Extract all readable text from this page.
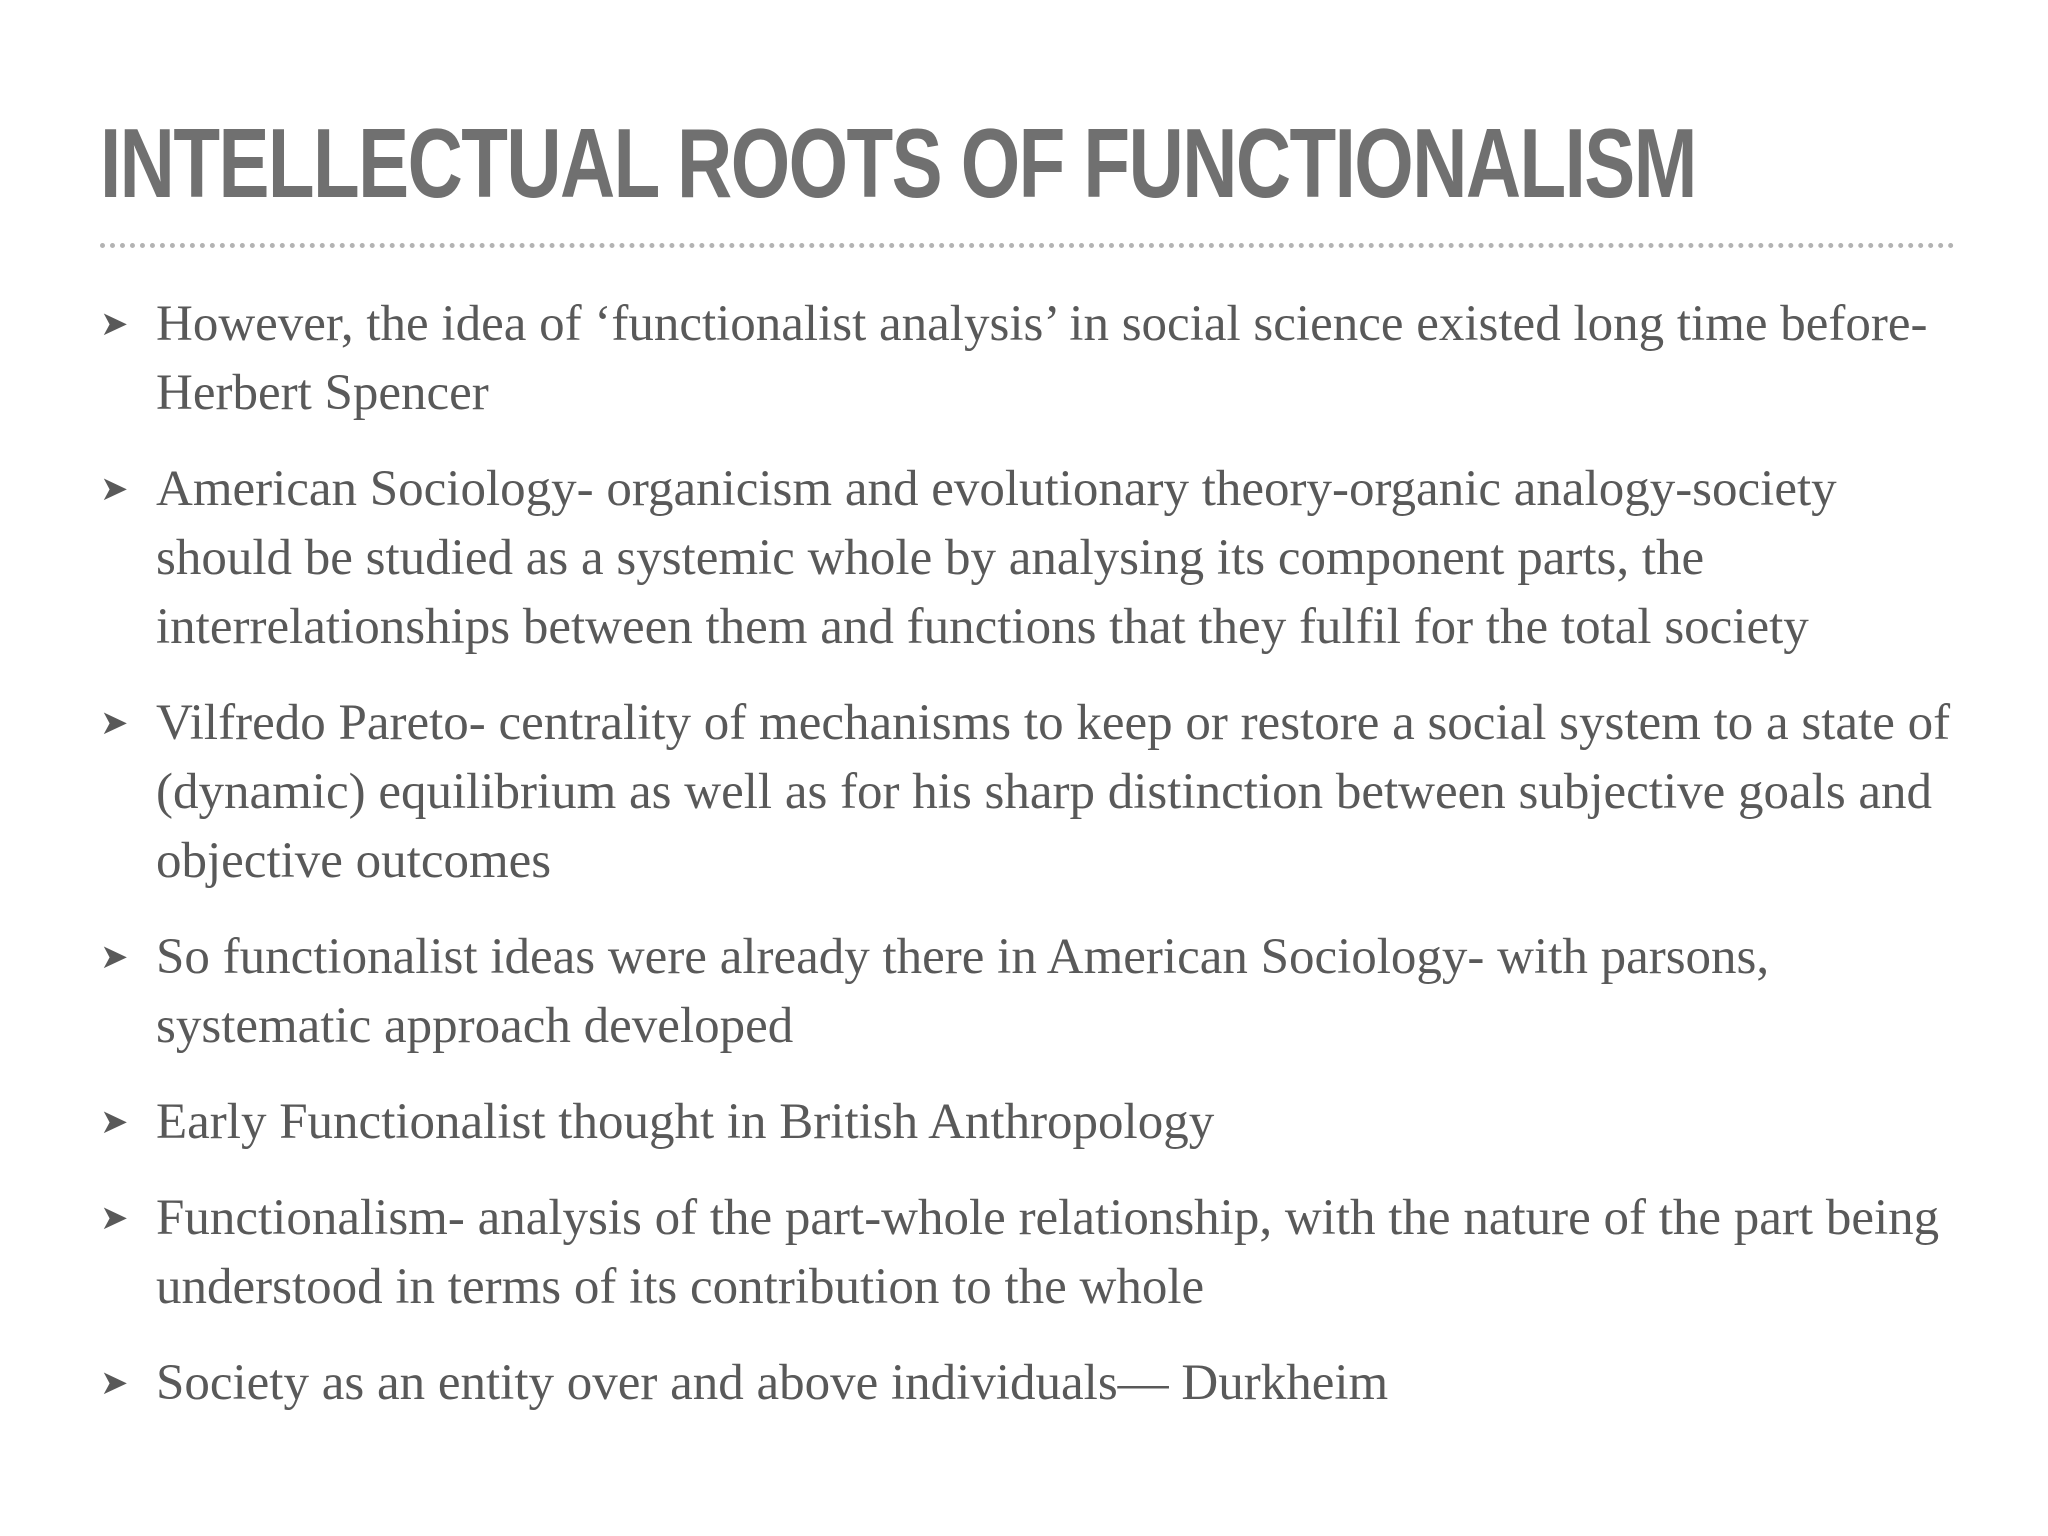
INTELLECTUAL ROOTS OF FUNCTIONALISM
➤ However, the idea of ‘functionalist analysis’ in social science existed long time before- Herbert Spencer
➤ American Sociology- organicism and evolutionary theory-organic analogy-society should be studied as a systemic whole by analysing its component parts, the interrelationships between them and functions that they fulfil for the total society
➤ Vilfredo Pareto- centrality of mechanisms to keep or restore a social system to a state of (dynamic) equilibrium as well as for his sharp distinction between subjective goals and objective outcomes
➤ So functionalist ideas were already there in American Sociology- with parsons, systematic approach developed
➤ Early Functionalist thought in British Anthropology
➤ Functionalism- analysis of the part-whole relationship, with the nature of the part being understood in terms of its contribution to the whole
➤ Society as an entity over and above individuals— Durkheim
